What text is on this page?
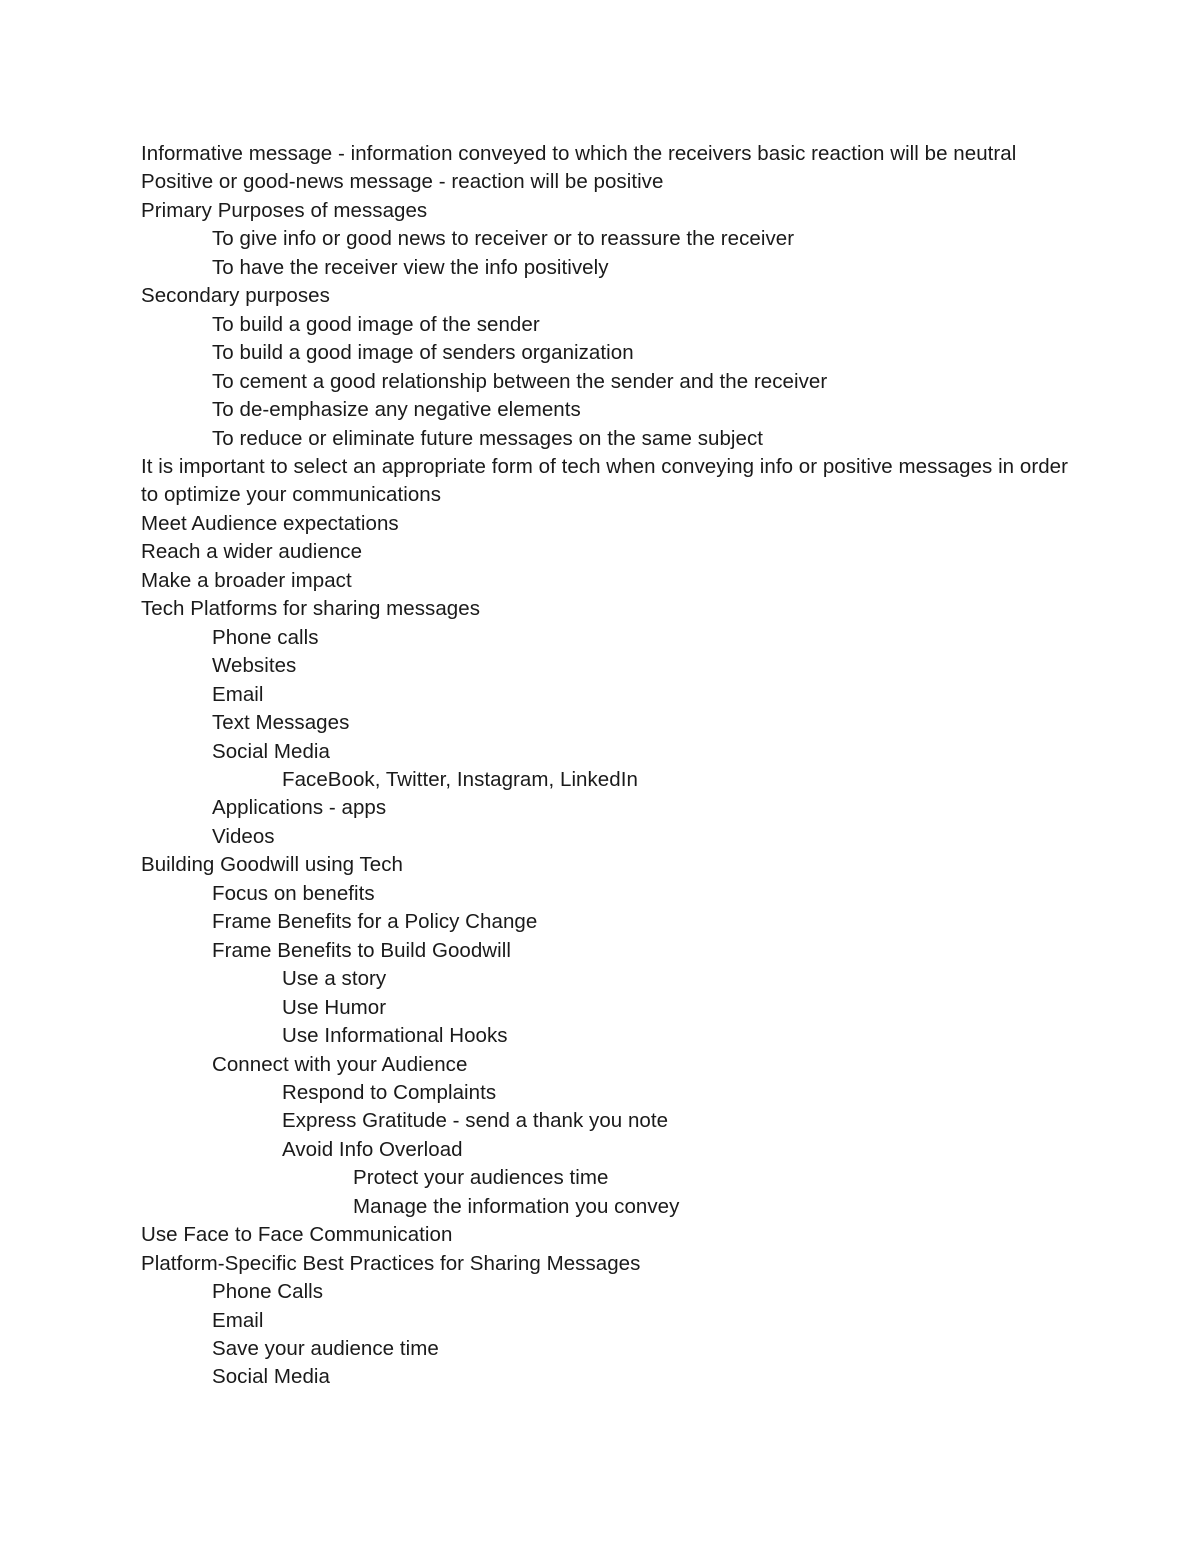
Informative message - information conveyed to which the receivers basic reaction will be neutral
Positive or good-news message - reaction will be positive
Primary Purposes of messages
To give info or good news to receiver or to reassure the receiver
To have the receiver view the info positively
Secondary purposes
To build a good image of the sender
To build a good image of senders organization
To cement a good relationship between the sender and the receiver
To de-emphasize any negative elements
To reduce or eliminate future messages on the same subject
It is important to select an appropriate form of tech when conveying info or positive messages in order to optimize your communications
Meet Audience expectations
Reach a wider audience
Make a broader impact
Tech Platforms for sharing messages
Phone calls
Websites
Email
Text Messages
Social Media
FaceBook, Twitter, Instagram, LinkedIn
Applications - apps
Videos
Building Goodwill using Tech
Focus on benefits
Frame Benefits for a Policy Change
Frame Benefits to Build Goodwill
Use a story
Use Humor
Use Informational Hooks
Connect with your Audience
Respond to Complaints
Express Gratitude - send a thank you note
Avoid Info Overload
Protect your audiences time
Manage the information you convey
Use Face to Face Communication
Platform-Specific Best Practices for Sharing Messages
Phone Calls
Email
Save your audience time
Social Media
